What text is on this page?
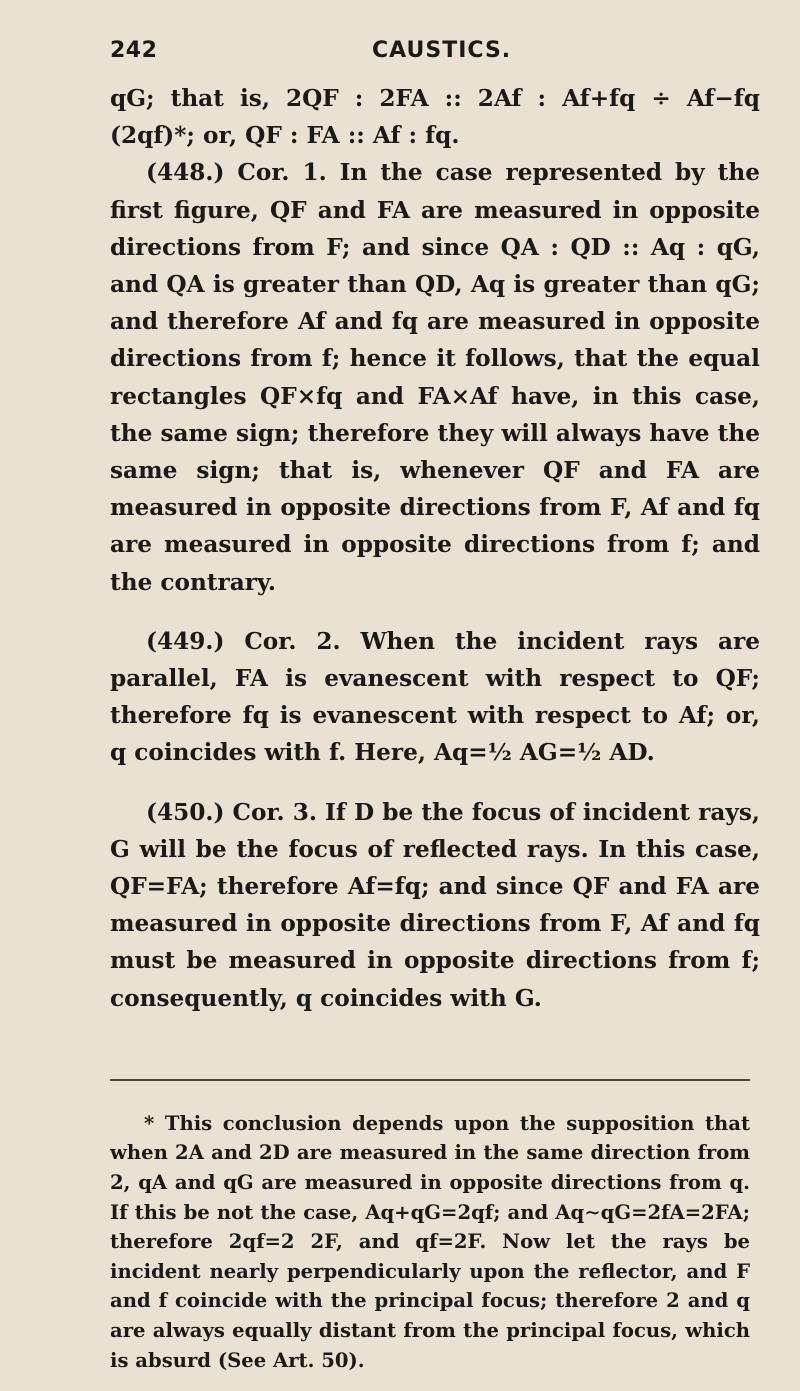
242	CAUSTICS.

qG; that is, 2QF : 2FA :: 2Af : Af+fq ÷ Af−fq (2qf)*; or, QF : FA :: Af : fq.

(448.) Cor. 1. In the case represented by the first figure, QF and FA are measured in opposite directions from F; and since QA : QD :: Aq : qG, and QA is greater than QD, Aq is greater than qG; and therefore Af and fq are measured in opposite directions from f; hence it follows, that the equal rectangles QF×fq and FA×Af have, in this case, the same sign; therefore they will always have the same sign; that is, whenever QF and FA are measured in opposite directions from F, Af and fq are measured in opposite directions from f; and the contrary.

(449.) Cor. 2. When the incident rays are parallel, FA is evanescent with respect to QF; therefore fq is evanescent with respect to Af; or, q coincides with f. Here, Aq=½ AG=½ AD.

(450.) Cor. 3. If D be the focus of incident rays, G will be the focus of reflected rays. In this case, QF=FA; therefore Af=fq; and since QF and FA are measured in opposite directions from F, Af and fq must be measured in opposite directions from f; consequently, q coincides with G.

* This conclusion depends upon the supposition that when 2A and 2D are measured in the same direction from 2, qA and qG are measured in opposite directions from q. If this be not the case, Aq+qG=2qf; and Aq∼qG=2fA=2FA; therefore 2qf=2 2F, and qf=2F. Now let the rays be incident nearly perpendicularly upon the reflector, and F and f coincide with the principal focus; therefore 2 and q are always equally distant from the principal focus, which is absurd (See Art. 50).
